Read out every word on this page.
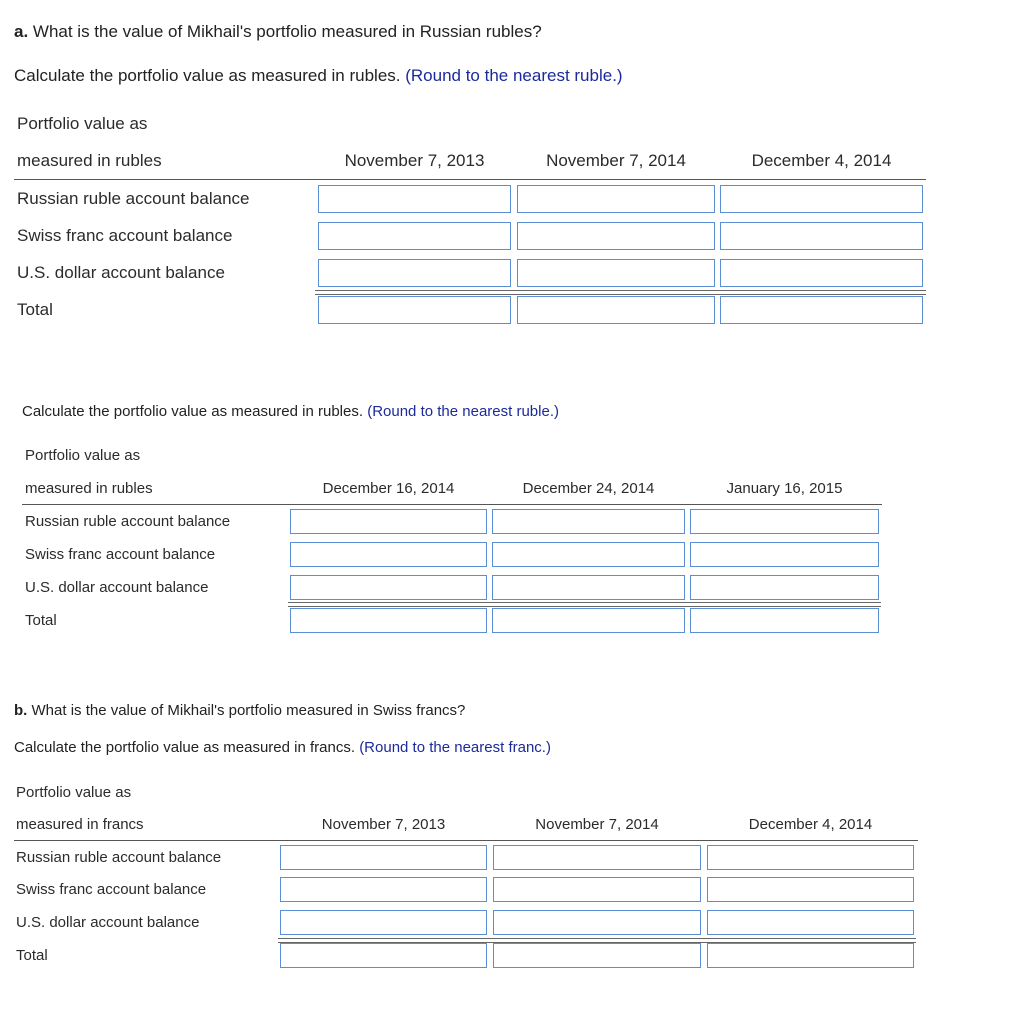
a. What is the value of Mikhail's portfolio measured in Russian rubles?

Calculate the portfolio value as measured in rubles. (Round to the nearest ruble.)

Portfolio value as
measured in rubles	November 7, 2013	November 7, 2014	December 4, 2014
Russian ruble account balance
Swiss franc account balance
U.S. dollar account balance
Total

Calculate the portfolio value as measured in rubles. (Round to the nearest ruble.)

Portfolio value as
measured in rubles	December 16, 2014	December 24, 2014	January 16, 2015
Russian ruble account balance
Swiss franc account balance
U.S. dollar account balance
Total

b. What is the value of Mikhail's portfolio measured in Swiss francs?

Calculate the portfolio value as measured in francs. (Round to the nearest franc.)

Portfolio value as
measured in francs	November 7, 2013	November 7, 2014	December 4, 2014
Russian ruble account balance
Swiss franc account balance
U.S. dollar account balance
Total
